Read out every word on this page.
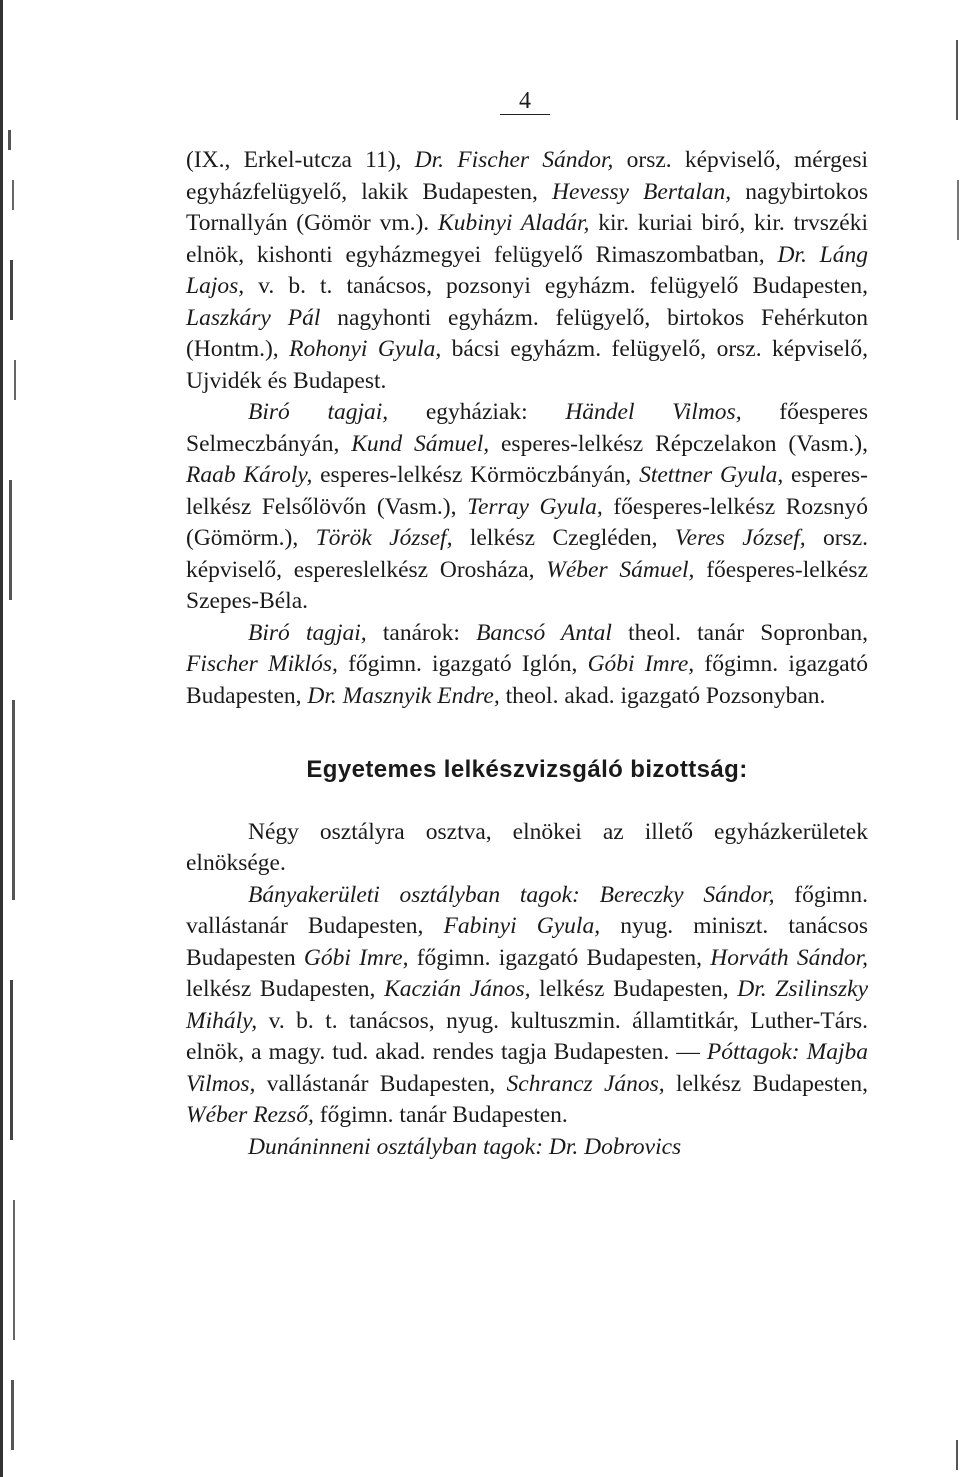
4

(IX., Erkel-utcza 11), Dr. Fischer Sándor, orsz. képviselő, mérgesi egyházfelügyelő, lakik Budapesten, Hevessy Bertalan, nagybirtokos Tornallyán (Gömör vm.). Kubinyi Aladár, kir. kuriai biró, kir. trvszéki elnök, kishonti egyházmegyei felügyelő Rimaszombatban, Dr. Láng Lajos, v. b. t. tanácsos, pozsonyi egyházm. felügyelő Budapesten, Laszkáry Pál nagyhonti egyházm. felügyelő, birtokos Fehérkuton (Hontm.), Rohonyi Gyula, bácsi egyházm. felügyelő, orsz. képviselő, Ujvidék és Budapest.

Biró tagjai, egyháziak: Händel Vilmos, főesperes Selmeczbányán, Kund Sámuel, esperes-lelkész Répczelakon (Vasm.), Raab Károly, esperes-lelkész Körmöczbányán, Stettner Gyula, esperes-lelkész Felsőlövőn (Vasm.), Terray Gyula, főesperes-lelkész Rozsnyó (Gömörm.), Török József, lelkész Czegléden, Veres József, orsz. képviselő, espereslelkész Orosháza, Wéber Sámuel, főesperes-lelkész Szepes-Béla.

Biró tagjai, tanárok: Bancsó Antal theol. tanár Sopronban, Fischer Miklós, főgimn. igazgató Iglón, Góbi Imre, főgimn. igazgató Budapesten, Dr. Masznyik Endre, theol. akad. igazgató Pozsonyban.

Egyetemes lelkészvizsgáló bizottság:

Négy osztályra osztva, elnökei az illető egyházkerületek elnöksége.

Bányakerületi osztályban tagok: Bereczky Sándor, főgimn. vallástanár Budapesten, Fabinyi Gyula, nyug. miniszt. tanácsos Budapesten Góbi Imre, főgimn. igazgató Budapesten, Horváth Sándor, lelkész Budapesten, Kaczián János, lelkész Budapesten, Dr. Zsilinszky Mihály, v. b. t. tanácsos, nyug. kultuszmin. államtitkár, Luther-Társ. elnök, a magy. tud. akad. rendes tagja Budapesten. — Póttagok: Majba Vilmos, vallástanár Budapesten, Schrancz János, lelkész Budapesten, Wéber Rezső, főgimn. tanár Budapesten.

Dunáninneni osztályban tagok: Dr. Dobrovics
